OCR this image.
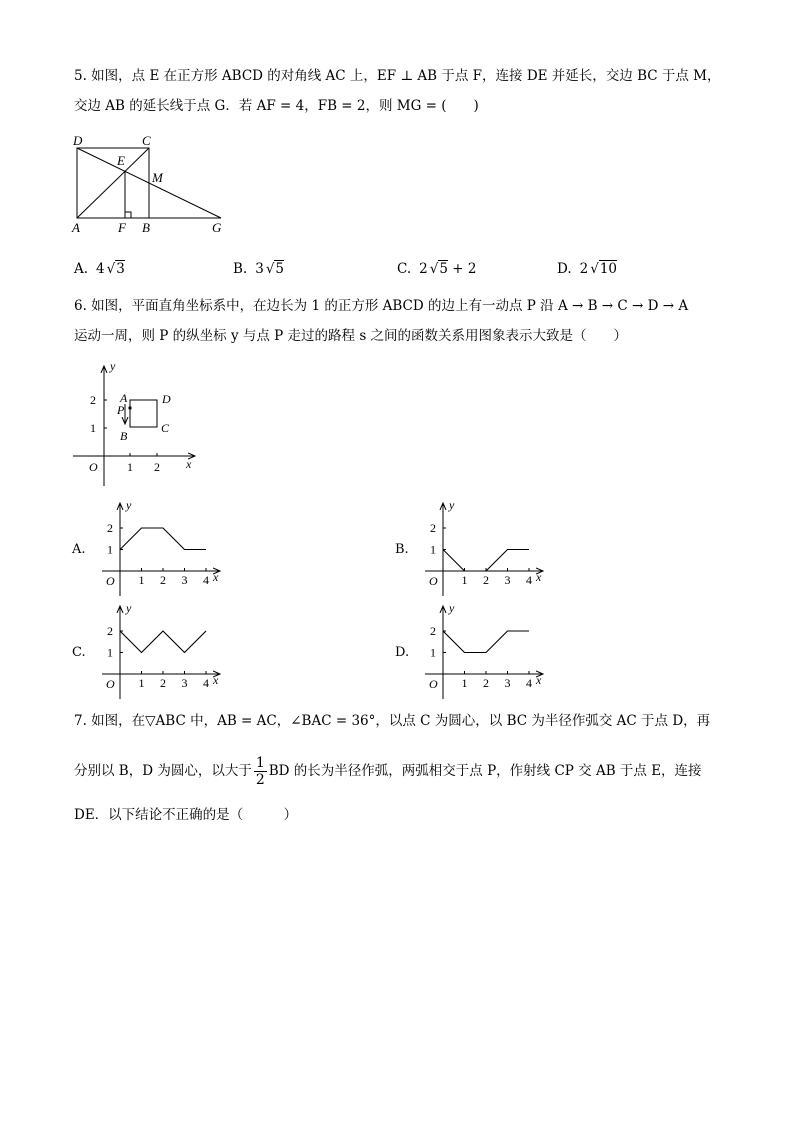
5. 如图，点 E 在正方形 ABCD 的对角线 AC 上，EF ⊥ AB 于点 F，连接 DE 并延长，交边 BC 于点 M，
交边 AB 的延长线于点 G．若 AF = 4，FB = 2，则 MG = (　　)
D	C
E
M
A	F B	G
A. 4 √3	B. 3 √5	C. 2 √5 + 2	D. 2 √10
6. 如图，平面直角坐标系中，在边长为 1 的正方形 ABCD 的边上有一动点 P 沿 A → B → C → D → A
运动一周，则 P 的纵坐标 y 与点 P 走过的路程 s 之间的函数关系用图象表示大致是（　　）
y
x
O
A
P
B
D
C
1 2
1
2
A.
1 2 3 4
1
2
y
x
O
B.
1 2 3 4
1
2
y
x
O
C.
1 2 3 4
1
2
y
x
O
D.
1 2 3 4
1
2
y
x
O
7. 如图，在▽ABC 中，AB = AC，∠BAC = 36°，以点 C 为圆心，以 BC 为半径作弧交 AC 于点 D，再
分别以 B，D 为圆心，以大于 $\frac{1}{2}$ BD 的长为半径作弧，两弧相交于点 P，作射线 CP 交 AB 于点 E，连接
DE．以下结论不正确的是（　　　）
